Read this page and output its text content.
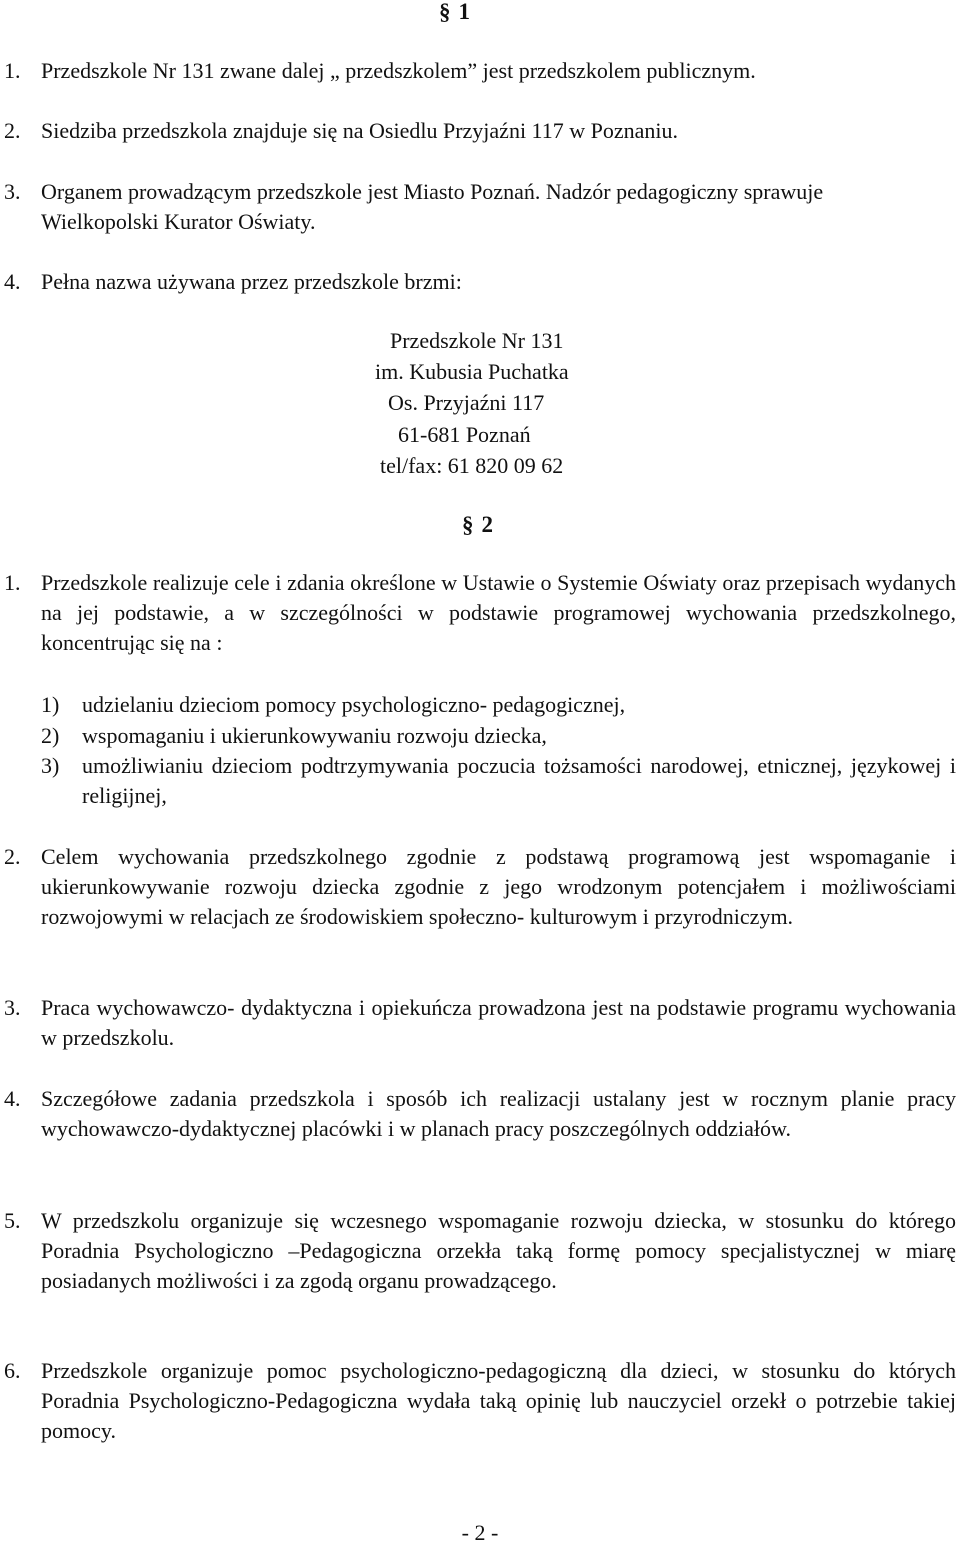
§ 1
1. Przedszkole Nr 131 zwane dalej „ przedszkolem” jest przedszkolem publicznym.
2. Siedziba przedszkola znajduje się na Osiedlu Przyjaźni 117 w Poznaniu.
3. Organem prowadzącym przedszkole jest Miasto Poznań. Nadzór pedagogiczny sprawuje Wielkopolski Kurator Oświaty.
4. Pełna nazwa używana przez przedszkole brzmi:
Przedszkole Nr 131
im. Kubusia Puchatka
Os. Przyjaźni 117
61-681 Poznań
tel/fax: 61 820 09 62
§ 2
1. Przedszkole realizuje cele i zdania określone w Ustawie o Systemie Oświaty oraz przepisach wydanych na jej podstawie, a w szczególności w podstawie programowej wychowania przedszkolnego, koncentrując się na :
1) udzielaniu dzieciom pomocy psychologiczno- pedagogicznej,
2) wspomaganiu i ukierunkowywaniu rozwoju dziecka,
3) umożliwianiu dzieciom podtrzymywania poczucia tożsamości narodowej, etnicznej, językowej i religijnej,
2. Celem wychowania przedszkolnego zgodnie z podstawą programową jest wspomaganie i ukierunkowywanie rozwoju dziecka zgodnie z jego wrodzonym potencjałem i możliwościami rozwojowymi w relacjach ze środowiskiem społeczno- kulturowym i przyrodniczym.
3. Praca wychowawczo- dydaktyczna i opiekuńcza prowadzona jest na podstawie programu wychowania w przedszkolu.
4. Szczegółowe zadania przedszkola i sposób ich realizacji ustalany jest w rocznym planie pracy wychowawczo-dydaktycznej placówki i w planach pracy poszczególnych oddziałów.
5. W przedszkolu organizuje się wczesnego wspomaganie rozwoju dziecka, w stosunku do którego Poradnia Psychologiczno –Pedagogiczna orzekła taką formę pomocy specjalistycznej w miarę posiadanych możliwości i za zgodą organu prowadzącego.
6. Przedszkole organizuje pomoc psychologiczno-pedagogiczną dla dzieci, w stosunku do których Poradnia Psychologiczno-Pedagogiczna wydała taką opinię lub nauczyciel orzekł o potrzebie takiej pomocy.
- 2 -
